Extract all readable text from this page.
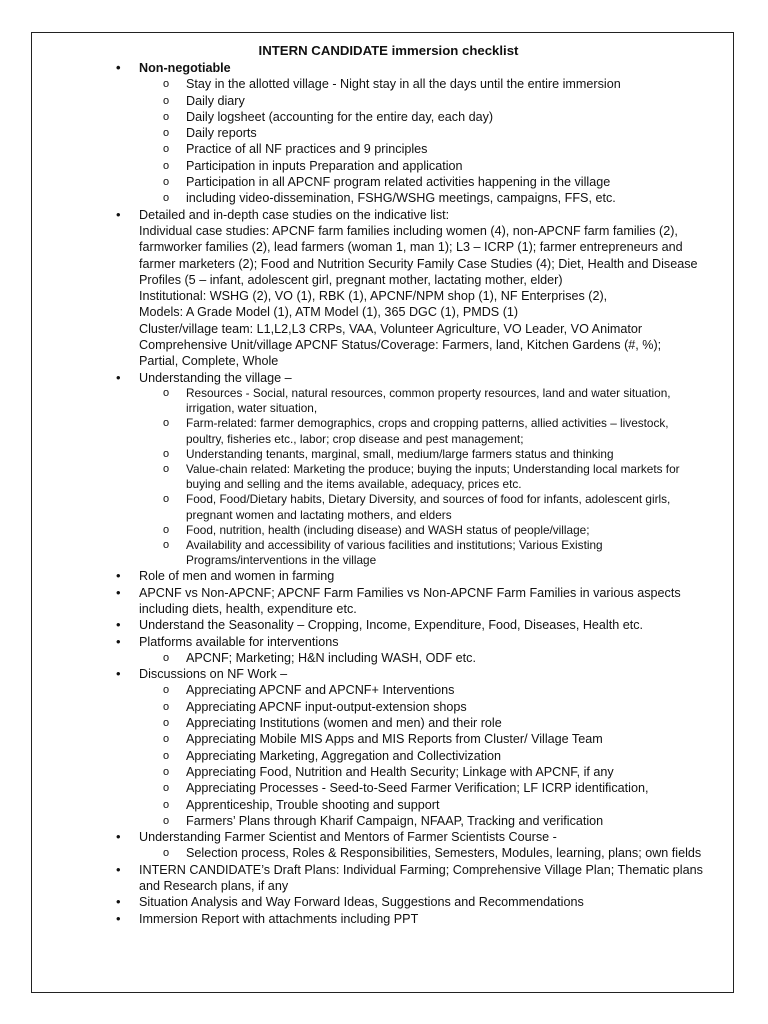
INTERN CANDIDATE immersion checklist
• Non-negotiable
o Stay in the allotted village - Night stay in all the days until the entire immersion
o Daily diary
o Daily logsheet (accounting for the entire day, each day)
o Daily reports
o Practice of all NF practices and 9 principles
o Participation in inputs Preparation and application
o Participation in all APCNF program related activities happening in the village
o including video-dissemination, FSHG/WSHG meetings, campaigns, FFS, etc.
• Detailed and in-depth case studies on the indicative list:
Individual case studies: APCNF farm families including women (4), non-APCNF farm families (2), farmworker families (2), lead farmers (woman 1, man 1); L3 – ICRP (1); farmer entrepreneurs and farmer marketers (2); Food and Nutrition Security Family Case Studies (4); Diet, Health and Disease Profiles (5 – infant, adolescent girl, pregnant mother, lactating mother, elder)
Institutional: WSHG (2), VO (1), RBK (1), APCNF/NPM shop (1), NF Enterprises (2),
Models: A Grade Model (1), ATM Model (1), 365 DGC (1), PMDS (1)
Cluster/village team: L1,L2,L3 CRPs, VAA, Volunteer Agriculture, VO Leader, VO Animator
Comprehensive Unit/village APCNF Status/Coverage: Farmers, land, Kitchen Gardens (#, %); Partial, Complete, Whole
• Understanding the village –
o Resources - Social, natural resources, common property resources, land and water situation, irrigation, water situation,
o Farm-related: farmer demographics, crops and cropping patterns, allied activities – livestock, poultry, fisheries etc., labor; crop disease and pest management;
o Understanding tenants, marginal, small, medium/large farmers status and thinking
o Value-chain related: Marketing the produce; buying the inputs; Understanding local markets for buying and selling and the items available, adequacy, prices etc.
o Food, Food/Dietary habits, Dietary Diversity, and sources of food for infants, adolescent girls, pregnant women and lactating mothers, and elders
o Food, nutrition, health (including disease) and WASH status of people/village;
o Availability and accessibility of various facilities and institutions; Various Existing Programs/interventions in the village
• Role of men and women in farming
• APCNF vs Non-APCNF; APCNF Farm Families vs Non-APCNF Farm Families in various aspects including diets, health, expenditure etc.
• Understand the Seasonality – Cropping, Income, Expenditure, Food, Diseases, Health etc.
• Platforms available for interventions
o APCNF; Marketing; H&N including WASH, ODF etc.
• Discussions on NF Work –
o Appreciating APCNF and APCNF+ Interventions
o Appreciating APCNF input-output-extension shops
o Appreciating Institutions (women and men) and their role
o Appreciating Mobile MIS Apps and MIS Reports from Cluster/ Village Team
o Appreciating Marketing, Aggregation and Collectivization
o Appreciating Food, Nutrition and Health Security; Linkage with APCNF, if any
o Appreciating Processes - Seed-to-Seed Farmer Verification; LF ICRP identification,
o Apprenticeship, Trouble shooting and support
o Farmers’ Plans through Kharif Campaign, NFAAP, Tracking and verification
• Understanding Farmer Scientist and Mentors of Farmer Scientists Course -
o Selection process, Roles & Responsibilities, Semesters, Modules, learning, plans; own fields
• INTERN CANDIDATE’s Draft Plans: Individual Farming; Comprehensive Village Plan; Thematic plans and Research plans, if any
• Situation Analysis and Way Forward Ideas, Suggestions and Recommendations
• Immersion Report with attachments including PPT
